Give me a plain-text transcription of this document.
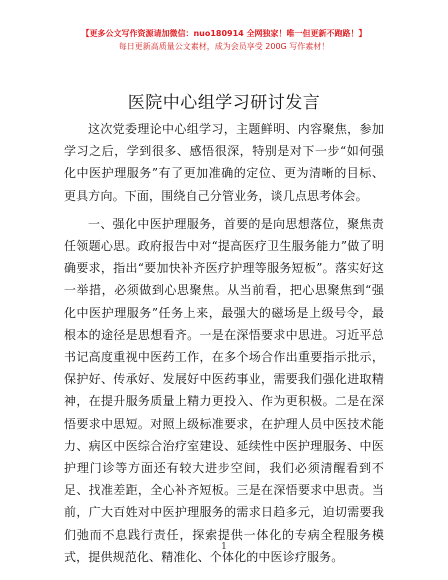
【更多公文写作资源请加微信：nuo180914 全网独家！唯一但更新不跑路！】
每日更新高质量公文素材，成为会员享受 200G 写作素材！
医院中心组学习研讨发言

这次党委理论中心组学习，主题鲜明、内容聚焦，参加学习之后，学到很多、感悟很深，特别是对下一步“如何强化中医护理服务”有了更加准确的定位、更为清晰的目标、更具方向。下面，围绕自己分管业务，谈几点思考体会。

一、强化中医护理服务，首要的是向思想落位，聚焦责任领题心思。政府报告中对“提高医疗卫生服务能力”做了明确要求，指出“要加快补齐医疗护理等服务短板”。落实好这一举措，必须做到心思聚焦。从当前看，把心思聚焦到“强化中医护理服务”任务上来，最强大的磁场是上级号令，最根本的途径是思想看齐。一是在深悟要求中思进。习近平总书记高度重视中医药工作，在多个场合作出重要指示批示，保护好、传承好、发展好中医药事业，需要我们强化进取精神，在提升服务质量上精力更投入、作为更积极。二是在深悟要求中思短。对照上级标准要求，在护理人员中医技术能力、病区中医综合治疗室建设、延续性中医护理服务、中医护理门诊等方面还有较大进步空间，我们必须清醒看到不足、找准差距，全心补齐短板。三是在深悟要求中思责。当前，广大百姓对中医护理服务的需求日趋多元，迫切需要我们弛而不息践行责任，探索提供一体化的专病全程服务模式，提供规范化、精准化、个体化的中医诊疗服务。

1
